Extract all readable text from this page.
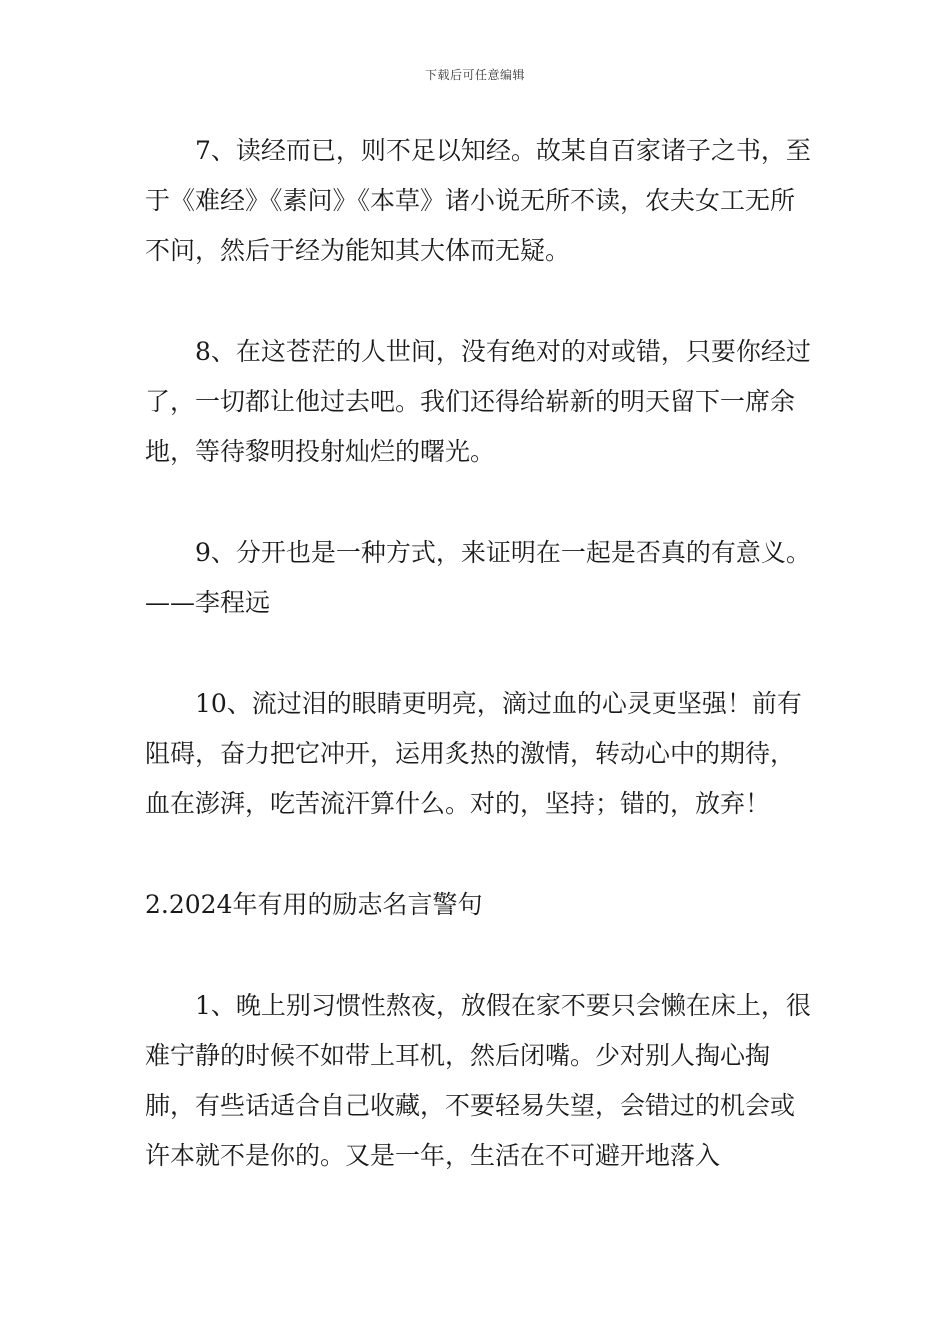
下载后可任意编辑

7、读经而已，则不足以知经。故某自百家诸子之书，至于《难经》《素问》《本草》诸小说无所不读，农夫女工无所不问，然后于经为能知其大体而无疑。

8、在这苍茫的人世间，没有绝对的对或错，只要你经过了，一切都让他过去吧。我们还得给崭新的明天留下一席余地，等待黎明投射灿烂的曙光。

9、分开也是一种方式，来证明在一起是否真的有意义。——李程远

10、流过泪的眼睛更明亮，滴过血的心灵更坚强！前有阻碍，奋力把它冲开，运用炙热的激情，转动心中的期待，血在澎湃，吃苦流汗算什么。对的，坚持；错的，放弃！

2.2024年有用的励志名言警句

1、晚上别习惯性熬夜，放假在家不要只会懒在床上，很难宁静的时候不如带上耳机，然后闭嘴。少对别人掏心掏肺，有些话适合自己收藏，不要轻易失望，会错过的机会或许本就不是你的。又是一年，生活在不可避开地落入
